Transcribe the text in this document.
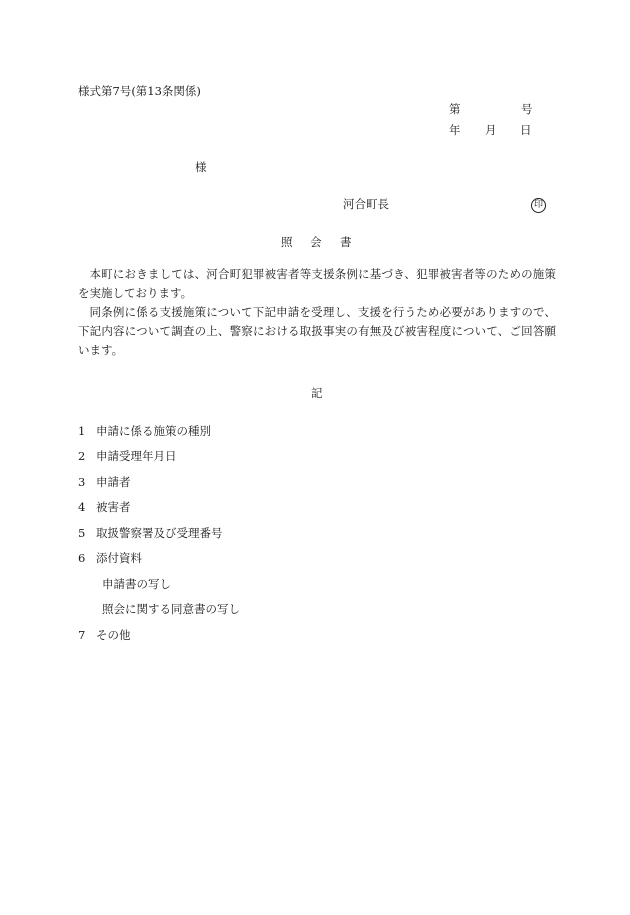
様式第7号(第13条関係)
第	号
年 月 日
様
河合町長	印
照 会 書

本町におきましては、河合町犯罪被害者等支援条例に基づき、犯罪被害者等のための施策を実施しております。

同条例に係る支援施策について下記申請を受理し、支援を行うため必要がありますので、下記内容について調査の上、警察における取扱事実の有無及び被害程度について、ご回答願います。

記
1 申請に係る施策の種別
2 申請受理年月日
3 申請者
4 被害者
5 取扱警察署及び受理番号
6 添付資料
申請書の写し
照会に関する同意書の写し
7 その他
